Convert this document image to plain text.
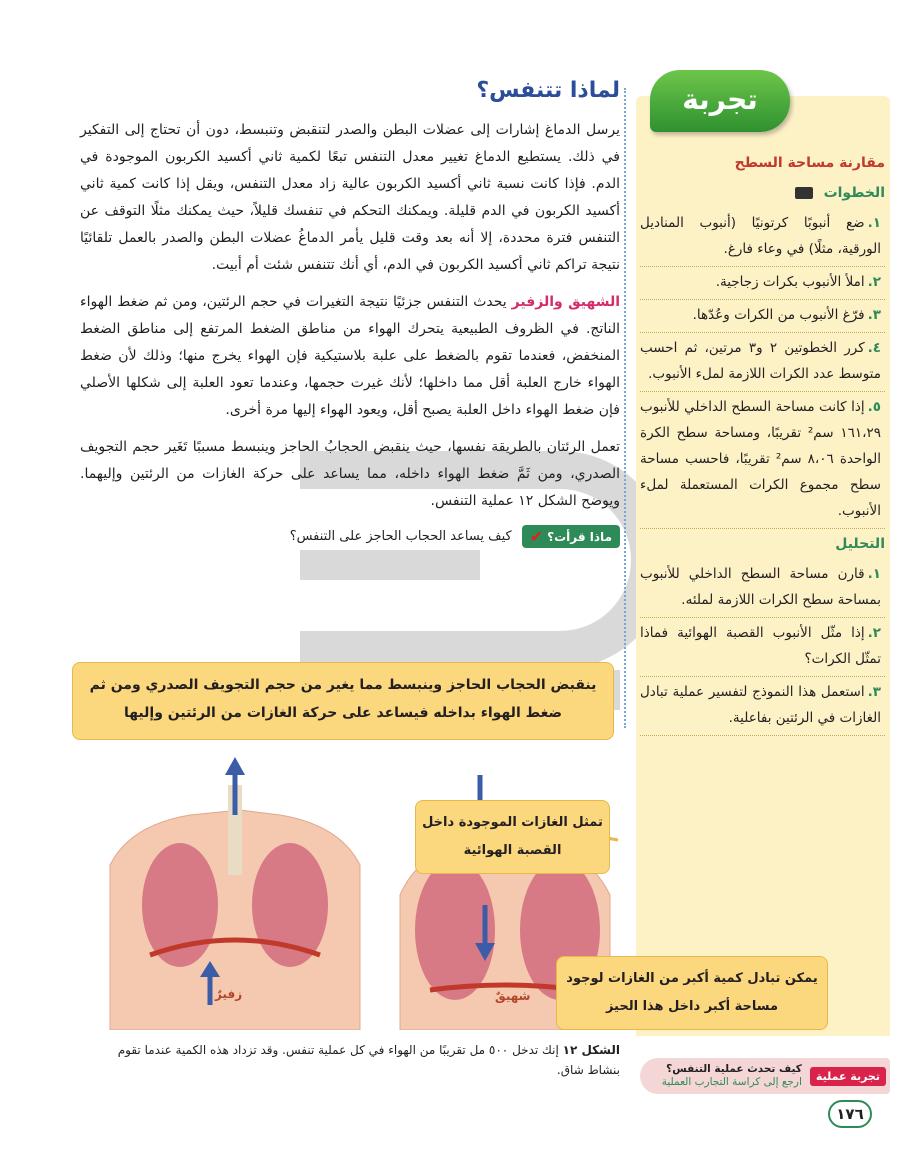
لماذا تتنفس؟

يرسل الدماغ إشارات إلى عضلات البطن والصدر لتنقبض وتنبسط، دون أن تحتاج إلى التفكير في ذلك. يستطيع الدماغ تغيير معدل التنفس تبعًا لكمية ثاني أكسيد الكربون الموجودة في الدم. فإذا كانت نسبة ثاني أكسيد الكربون عالية زاد معدل التنفس، ويقل إذا كانت كمية ثاني أكسيد الكربون في الدم قليلة. ويمكنك التحكم في تنفسك قليلاً، حيث يمكنك مثلًا التوقف عن التنفس فترة محددة، إلا أنه بعد وقت قليل يأمر الدماغُ عضلات البطن والصدر بالعمل تلقائيًا نتيجة تراكم ثاني أكسيد الكربون في الدم، أي أنك تتنفس شئت أم أبيت.

الشهيق والزفير يحدث التنفس جزئيًا نتيجة التغيرات في حجم الرئتين، ومن ثم ضغط الهواء الناتج. في الظروف الطبيعية يتحرك الهواء من مناطق الضغط المرتفع إلى مناطق الضغط المنخفض، فعندما تقوم بالضغط على علبة بلاستيكية فإن الهواء يخرج منها؛ وذلك لأن ضغط الهواء خارج العلبة أقل مما داخلها؛ لأنك غيرت حجمها، وعندما تعود العلبة إلى شكلها الأصلي فإن ضغط الهواء داخل العلبة يصبح أقل، ويعود الهواء إليها مرة أخرى.

تعمل الرئتان بالطريقة نفسها، حيث ينقبض الحجابُ الحاجز وينبسط مسببًا تَغَير حجم التجويف الصدري، ومن ثَمَّ ضغط الهواء داخله، مما يساعد على حركة الغازات من الرئتين وإليهما. ويوضح الشكل ١٢ عملية التنفس.

ماذا قرأت؟
✔
كيف يساعد الحجاب الحاجز على التنفس؟
ينقبض الحجاب الحاجز وينبسط مما يغير من حجم التجويف الصدري ومن ثم ضغط الهواء بداخله فيساعد على حركة الغازات من الرئتين وإليها
زفيرٌ	شهيقٌ
تمثل الغازات الموجودة داخل القصبة الهوائية
الشكل ١٢ إنك تدخل ٥٠٠ مل تقريبًا من الهواء في كل عملية تنفس. وقد تزداد هذه الكمية عندما تقوم بنشاط شاق.
تجربة
مقارنة مساحة السطح
الخطوات
١.ضع أنبوبًا كرتونيًا (أنبوب المناديل الورقية، مثلًا) في وعاء فارغ.
٢.املأ الأنبوب بكرات زجاجية.
٣.فرّغ الأنبوب من الكرات وعُدّها.
٤.كرر الخطوتين ٢ و٣ مرتين، ثم احسب متوسط عدد الكرات اللازمة لملء الأنبوب.
٥.إذا كانت مساحة السطح الداخلي للأنبوب ١٦١،٢٩ سم² تقريبًا، ومساحة سطح الكرة الواحدة ٨،٠٦ سم² تقريبًا، فاحسب مساحة سطح مجموع الكرات المستعملة لملء الأنبوب.
التحليل
١.قارن مساحة السطح الداخلي للأنبوب بمساحة سطح الكرات اللازمة لملئه.
٢.إذا مثّل الأنبوب القصبة الهوائية فماذا تمثّل الكرات؟
٣.استعمل هذا النموذج لتفسير عملية تبادل الغازات في الرئتين بفاعلية.
يمكن تبادل كمية أكبر من الغازات لوجود مساحة أكبر داخل هذا الحيز
تجربة عملية
كيف تحدث عملية التنفس؟
ارجع إلى كراسة التجارب العملية
١٧٦
